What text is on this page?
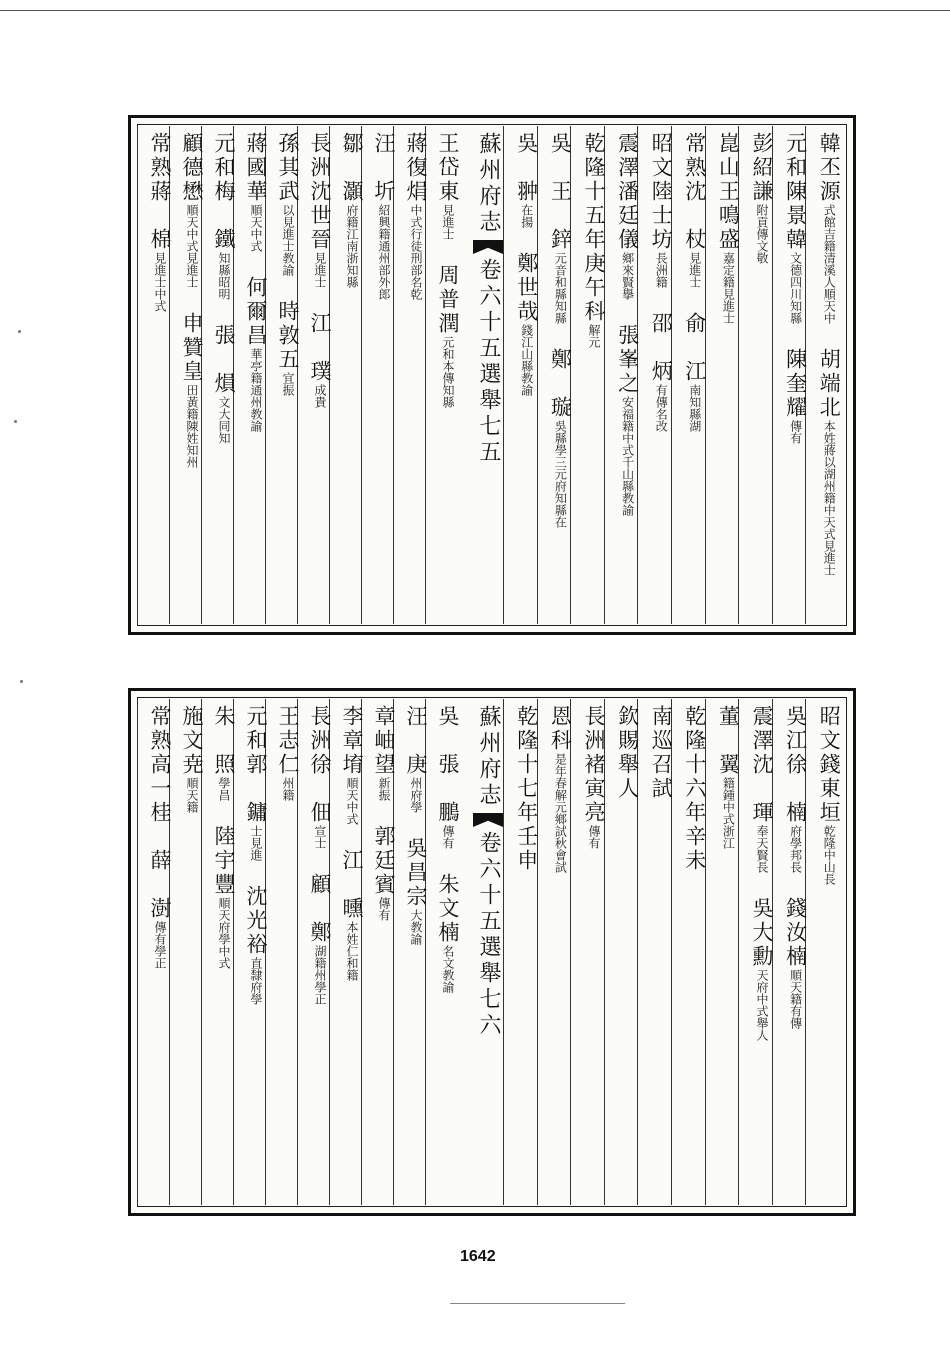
韓丕源式館吉籍清溪人順天中胡端北本姓蔣以湖州籍中天式見進士
元和陳景韓文德四川知縣陳奎耀傳有
彭紹謙附貢傳文敬
崑山王鳴盛嘉定籍見進士
常熟沈　杖見進士俞　江南知縣湖
昭文陸士坊長洲籍邵　炳有傳名改
震澤潘廷儀鄉來賢擧張峯之安福籍中式千山縣教諭
乾隆十五年庚午科解元
吳　王　鋅元音和縣知縣鄭　璇吳縣學三元府知縣在
吳　翀在揚鄭世哉錢江山縣教諭
王岱東見進士周普潤元和本傳知縣
蔣復焆中式行徒刑部名乾
汪　圻紹興籍通州部外郎
鄒　灝府籍江南浙知縣
長洲沈世晉見進士江　璞成貴
孫其武以見進士教諭時敦五宜振
蔣國華順天中式何爾昌華亭籍通州教諭
元和梅　鐵知縣昭明張　熉文大同知
顧德懋順天中式見進士申贊皇田黃籍陳姓知州
常熟蔣　棉見進士中式
蘇州府志卷六十五選舉七五
昭文錢東垣乾隆中山長
吳江徐　楠府學邦長錢汝楠順天籍有傳
震澤沈　琿奉天賢長吳大勳天府中式舉人
董　翼籍鍾中式浙江
乾隆十六年辛未
南巡召試
欽賜舉人
長洲褚寅亮傳有
恩科是年春解元鄉試秋會試
乾隆十七年壬申
吳　張　鵬傳有朱文楠名文教諭
汪　庚州府學吳昌宗大教諭
章岫望新振郭廷賓傳有
李章堉順天中式江　曛本姓仁和籍
長洲徐　佃宣士顧　鄭湖籍州學正
王志仁州籍
元和郭　鏞士見進沈光裕直隸府學
朱　照學昌陸宇豐順天府學中式
施文尭順天籍
常熟高一桂薛　澍傳有學正
蘇州府志卷六十五選舉七六
1642
